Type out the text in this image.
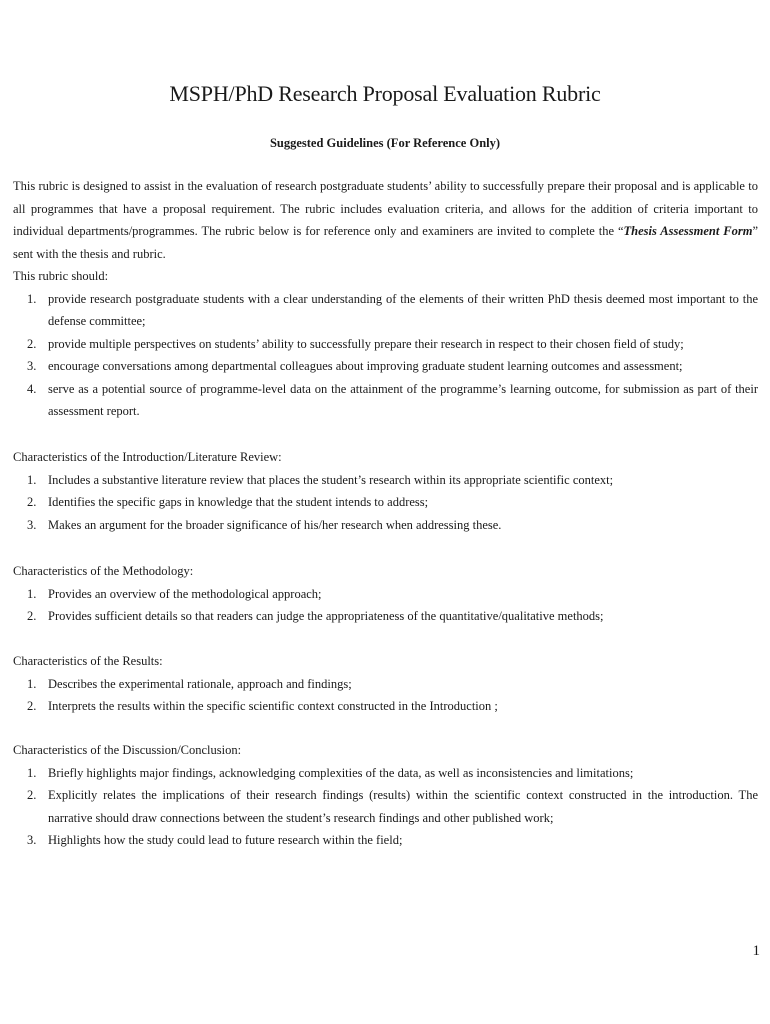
MSPH/PhD Research Proposal Evaluation Rubric
Suggested Guidelines (For Reference Only)
This rubric is designed to assist in the evaluation of research postgraduate students’ ability to successfully prepare their proposal and is applicable to all programmes that have a proposal requirement. The rubric includes evaluation criteria, and allows for the addition of criteria important to individual departments/programmes. The rubric below is for reference only and examiners are invited to complete the “Thesis Assessment Form” sent with the thesis and rubric.

This rubric should:

1. provide research postgraduate students with a clear understanding of the elements of their written PhD thesis deemed most important to the defense committee;
2. provide multiple perspectives on students’ ability to successfully prepare their research in respect to their chosen field of study;
3. encourage conversations among departmental colleagues about improving graduate student learning outcomes and assessment;
4. serve as a potential source of programme-level data on the attainment of the programme’s learning outcome, for submission as part of their assessment report.

Characteristics of the Introduction/Literature Review:

1. Includes a substantive literature review that places the student’s research within its appropriate scientific context;
2. Identifies the specific gaps in knowledge that the student intends to address;
3. Makes an argument for the broader significance of his/her research when addressing these.

Characteristics of the Methodology:

1. Provides an overview of the methodological approach;
2. Provides sufficient details so that readers can judge the appropriateness of the quantitative/qualitative methods;

Characteristics of the Results:

1. Describes the experimental rationale, approach and findings;
2. Interprets the results within the specific scientific context constructed in the Introduction ;

Characteristics of the Discussion/Conclusion:

1. Briefly highlights major findings, acknowledging complexities of the data, as well as inconsistencies and limitations;
2. Explicitly relates the implications of their research findings (results) within the scientific context constructed in the introduction. The narrative should draw connections between the student’s research findings and other published work;
3. Highlights how the study could lead to future research within the field;
1
